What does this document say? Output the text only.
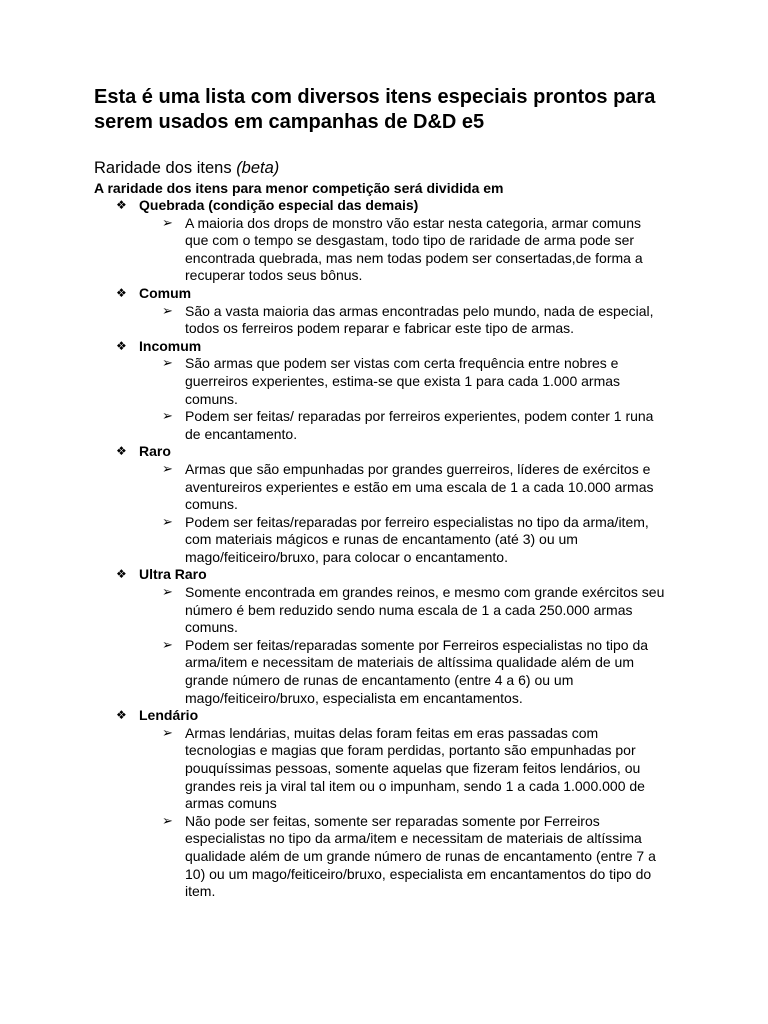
Esta é uma lista com diversos itens especiais prontos para
serem usados em campanhas de D&D e5
Raridade dos itens (beta)

A raridade dos itens para menor competição será dividida em

❖ Quebrada (condição especial das demais)
➢ A maioria dos drops de monstro vão estar nesta categoria, armar comuns
que com o tempo se desgastam, todo tipo de raridade de arma pode ser
encontrada quebrada, mas nem todas podem ser consertadas,de forma a
recuperar todos seus bônus.
❖ Comum
➢ São a vasta maioria das armas encontradas pelo mundo, nada de especial,
todos os ferreiros podem reparar e fabricar este tipo de armas.
❖ Incomum
➢ São armas que podem ser vistas com certa frequência entre nobres e
guerreiros experientes, estima-se que exista 1 para cada 1.000 armas
comuns.
➢ Podem ser feitas/ reparadas por ferreiros experientes, podem conter 1 runa
de encantamento.
❖ Raro
➢ Armas que são empunhadas por grandes guerreiros, líderes de exércitos e
aventureiros experientes e estão em uma escala de 1 a cada 10.000 armas
comuns.
➢ Podem ser feitas/reparadas por ferreiro especialistas no tipo da arma/item,
com materiais mágicos e runas de encantamento (até 3) ou um
mago/feiticeiro/bruxo, para colocar o encantamento.
❖ Ultra Raro
➢ Somente encontrada em grandes reinos, e mesmo com grande exércitos seu
número é bem reduzido sendo numa escala de 1 a cada 250.000 armas
comuns.
➢ Podem ser feitas/reparadas somente por Ferreiros especialistas no tipo da
arma/item e necessitam de materiais de altíssima qualidade além de um
grande número de runas de encantamento (entre 4 a 6) ou um
mago/feiticeiro/bruxo, especialista em encantamentos.
❖ Lendário
➢ Armas lendárias, muitas delas foram feitas em eras passadas com
tecnologias e magias que foram perdidas, portanto são empunhadas por
pouquíssimas pessoas, somente aquelas que fizeram feitos lendários, ou
grandes reis ja viral tal item ou o impunham, sendo 1 a cada 1.000.000 de
armas comuns
➢ Não pode ser feitas, somente ser reparadas somente por Ferreiros
especialistas no tipo da arma/item e necessitam de materiais de altíssima
qualidade além de um grande número de runas de encantamento (entre 7 a
10) ou um mago/feiticeiro/bruxo, especialista em encantamentos do tipo do
item.
